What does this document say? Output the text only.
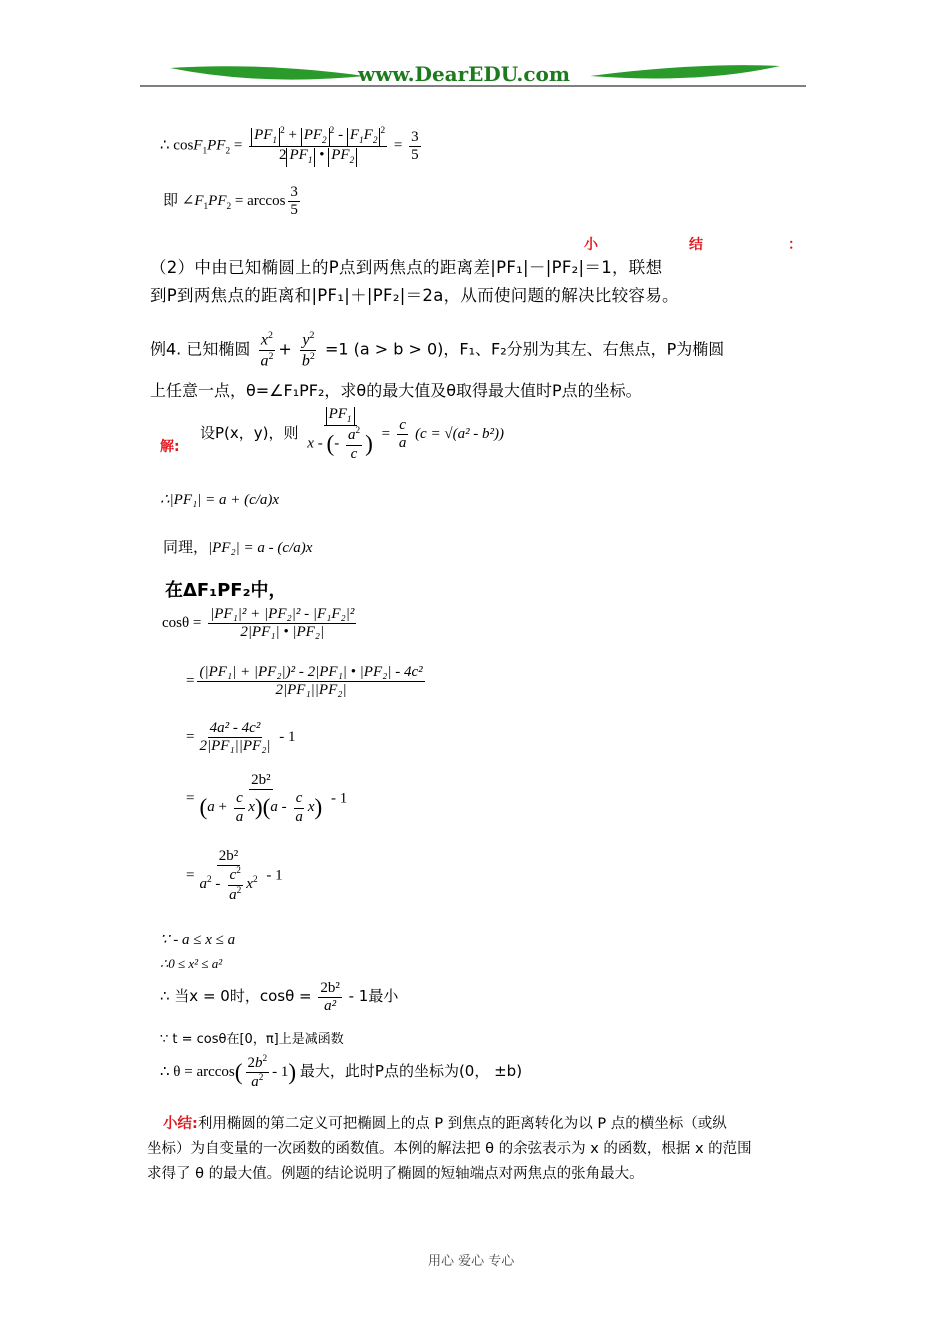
www.DearEDU.com
∴ $\cos F_1PF_2 = \frac{PF_1^2 + PF_2^2 - F_1F_2^2}{2 PF_1 • PF_2} = \frac{3}{5}$
即 $\angle F_1PF_2 = \arccos \frac{3}{5}$
小	结	：

（2）中由已知椭圆上的P点到两焦点的距离差|PF₁|－|PF₂|＝1，联想

到P到两焦点的距离和|PF₁|＋|PF₂|＝2a，从而使问题的解决比较容易。

例4. 已知椭圆 $\frac{x^2}{a^2} + \frac{y^2}{b^2} =1$ (a > b > 0)，F₁、F₂分别为其左、右焦点，P为椭圆

上任意一点，θ=∠F₁PF₂，求θ的最大值及θ取得最大值时P点的坐标。

解:
设P(x，y)，则 $\frac{PF_1}{x - (- \frac{a^2}{c} )} = \frac{c}{a} (c = √(a^2 - b^2))$
∴|PF₁| = a + (c/a)x
同理，|PF₂| = a - (c/a)x
在ΔF₁PF₂中，
$\cos\theta = \frac{\text{|PF₁|² + |PF₂|² - |F₁F₂|²}}{\text{2|PF₁| • |PF₂|}}$
= $\frac{\text{(|PF₁| + |PF₂|)² - 2|PF₁| • |PF₂| - 4c²}}{\text{2|PF₁||PF₂|}}$
= $\frac{\text{4a² - 4c²}}{\text{2|PF₁||PF₂|}} - 1$
= $\frac{\text{2b²}}{(a + \frac{c}{a} x)(a - \frac{c}{a} x)} - 1$
= $\frac{\text{2b²}}{a^2 - \frac{c^2}{a^2} x^2} - 1$
∵ - a ≤ x ≤ a
∴0 ≤ x² ≤ a²
∴ 当x = 0时，$\cos\theta = \frac{\text{2b²}}{\text{a²}} - 1$最小
∵ t = cosθ在[0，π]上是减函数
∴ $\theta = \arccos( \frac{2b^2}{a^2} - 1)$ 最大，此时P点的坐标为(0， ±b)
小结:利用椭圆的第二定义可把椭圆上的点 P 到焦点的距离转化为以 P 点的横坐标（或纵

坐标）为自变量的一次函数的函数值。本例的解法把 θ 的余弦表示为 x 的函数，根据 x 的范围

求得了 θ 的最大值。例题的结论说明了椭圆的短轴端点对两焦点的张角最大。

用心 爱心 专心
